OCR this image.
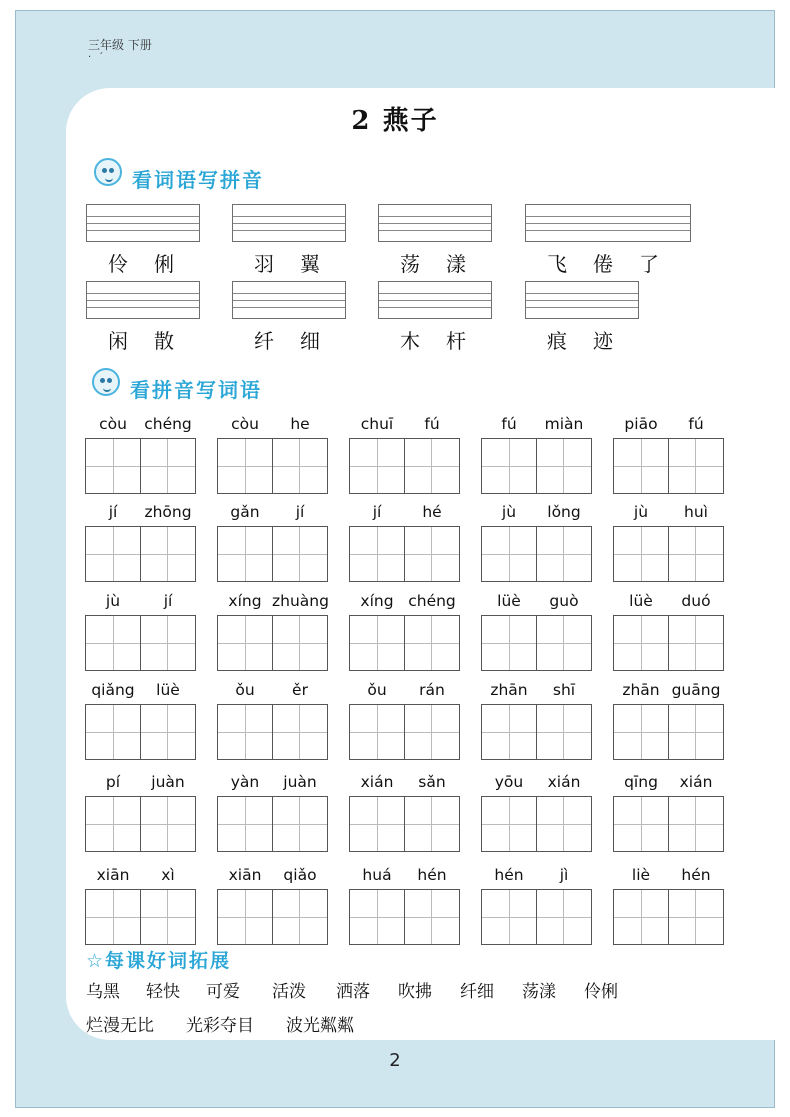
三年级 下册
· ´
2 燕子
看词语写拼音
伶俐	羽翼	荡漾	飞倦了
闲散	纤细	木杆	痕迹
看拼音写词语
còu	chéng	còu	he	chuī	fú	fú	miàn	piāo	fú
jí	zhōng	gǎn	jí	jí	hé	jù	lǒng	jù	huì
jù	jí	xíng zhuàng	xíng chéng	lüè	guò	lüè	duó
qiǎng	lüè	ǒu	ěr	ǒu	rán	zhān	shī	zhān guāng
pí	juàn	yàn	juàn	xián	sǎn	yōu	xián	qīng	xián
xiān	xì	xiān	qiǎo	huá	hén	hén	jì	liè	hén
☆每课好词拓展
乌黑 轻快 可爱 活泼 洒落 吹拂 纤细 荡漾 伶俐
烂漫无比 光彩夺目 波光粼粼
2
